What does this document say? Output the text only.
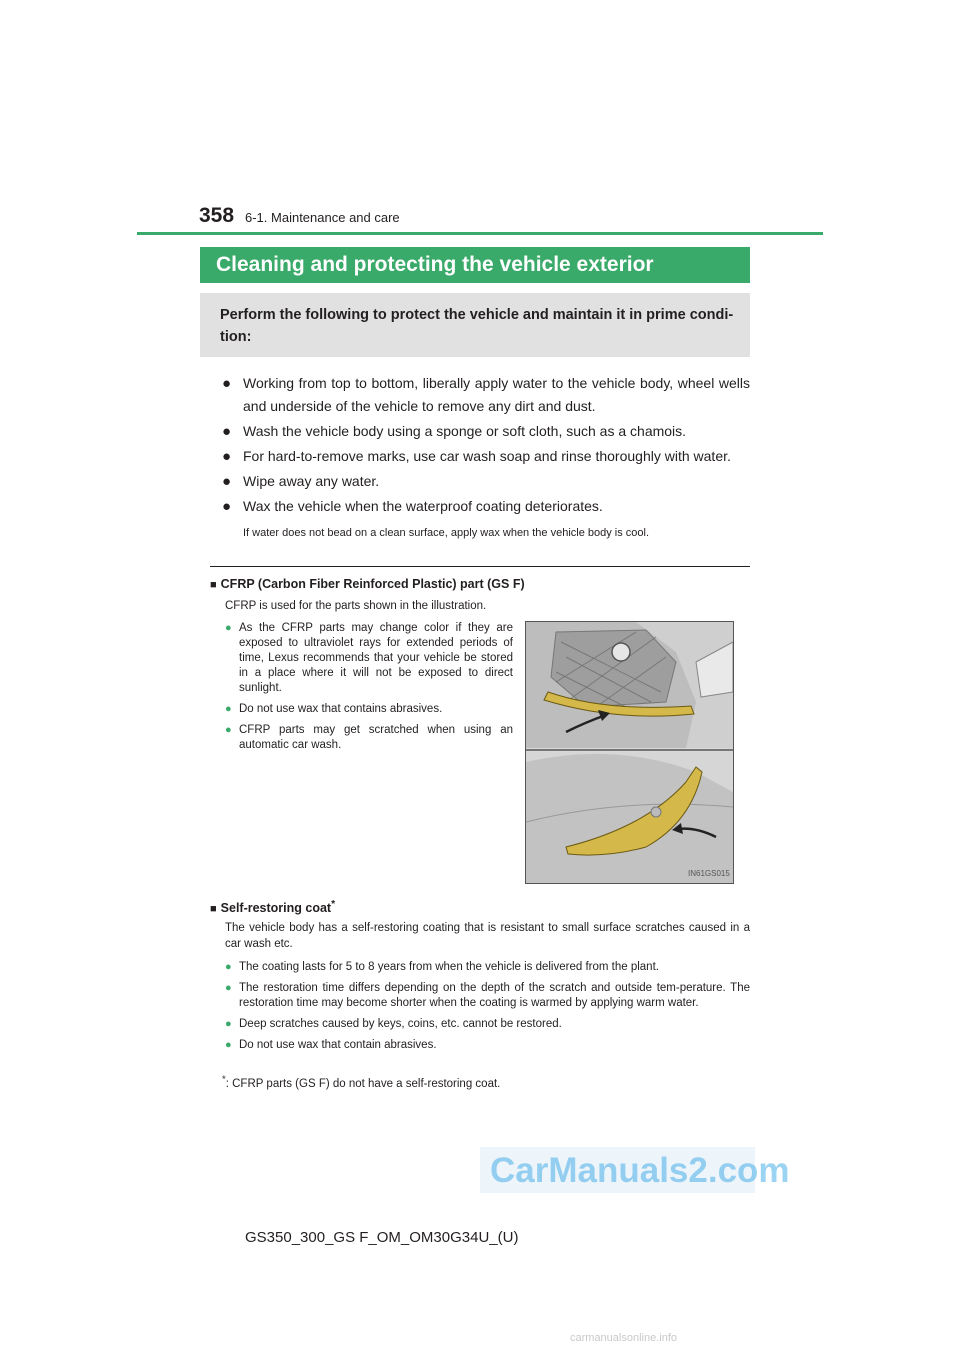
358 6-1. Maintenance and care
Cleaning and protecting the vehicle exterior
Perform the following to protect the vehicle and maintain it in prime condi-tion:
● Working from top to bottom, liberally apply water to the vehicle body, wheel wells and underside of the vehicle to remove any dirt and dust.
● Wash the vehicle body using a sponge or soft cloth, such as a chamois.
● For hard-to-remove marks, use car wash soap and rinse thoroughly with water.
● Wipe away any water.
● Wax the vehicle when the waterproof coating deteriorates.
If water does not bead on a clean surface, apply wax when the vehicle body is cool.
■ CFRP (Carbon Fiber Reinforced Plastic) part (GS F)
CFRP is used for the parts shown in the illustration.
● As the CFRP parts may change color if they are exposed to ultraviolet rays for extended periods of time, Lexus recommends that your vehicle be stored in a place where it will not be exposed to direct sunlight.
● Do not use wax that contains abrasives.
● CFRP parts may get scratched when using an automatic car wash.
IN61GS015
■ Self-restoring coat*
The vehicle body has a self-restoring coating that is resistant to small surface scratches caused in a car wash etc.
● The coating lasts for 5 to 8 years from when the vehicle is delivered from the plant.
● The restoration time differs depending on the depth of the scratch and outside tem-perature. The restoration time may become shorter when the coating is warmed by applying warm water.
● Deep scratches caused by keys, coins, etc. cannot be restored.
● Do not use wax that contain abrasives.
*: CFRP parts (GS F) do not have a self-restoring coat.
CarManuals2.com
GS350_300_GS F_OM_OM30G34U_(U)
carmanualsonline.info
